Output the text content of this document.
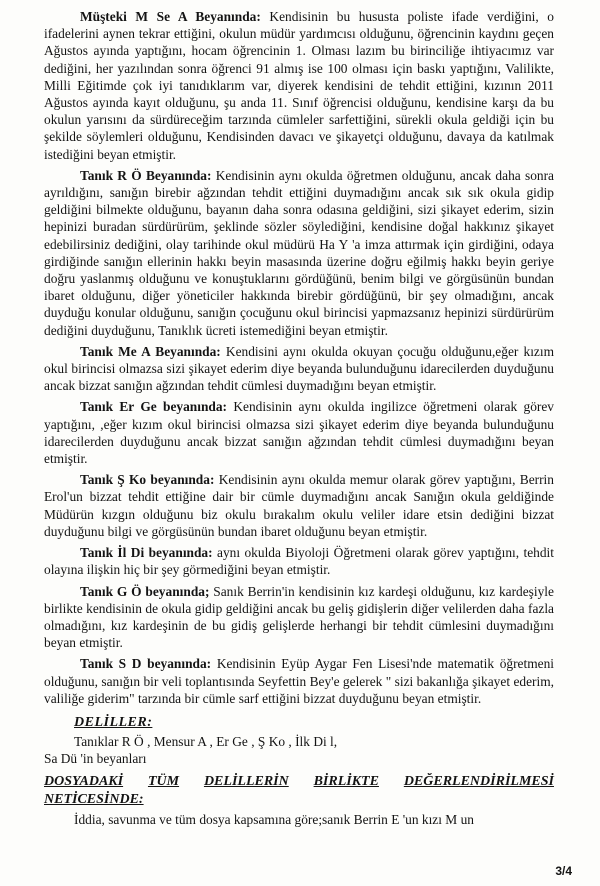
Müşteki M Se A Beyanında: Kendisinin bu hususta poliste ifade verdiğini, o ifadelerini aynen tekrar ettiğini, okulun müdür yardımcısı olduğunu, öğrencinin kaydını geçen Ağustos ayında yaptığını, hocam öğrencinin 1. Olması lazım bu birinciliğe ihtiyacımız var dediğini, her yazılından sonra öğrenci 91 almış ise 100 olması için baskı yaptığını, Valilikte, Milli Eğitimde çok iyi tanıdıklarım var, diyerek kendisini de tehdit ettiğini, kızının 2011 Ağustos ayında kayıt olduğunu, şu anda 11. Sınıf öğrencisi olduğunu, kendisine karşı da bu okulun yarısını da sürdüreceğim tarzında cümleler sarfettiğini, sürekli okula geldiği için bu şekilde söylemleri olduğunu, Kendisinden davacı ve şikayetçi olduğunu, davaya da katılmak istediğini beyan etmiştir.

Tanık R Ö Beyanında: Kendisinin aynı okulda öğretmen olduğunu, ancak daha sonra ayrıldığını, sanığın birebir ağzından tehdit ettiğini duymadığını ancak sık sık okula gidip geldiğini bilmekte olduğunu, bayanın daha sonra odasına geldiğini, sizi şikayet ederim, sizin hepinizi buradan sürdürürüm, şeklinde sözler söylediğini, kendisine doğal hakkınız şikayet edebilirsiniz dediğini, olay tarihinde okul müdürü Ha Y 'a imza attırmak için girdiğini, odaya girdiğinde sanığın ellerinin hakkı beyin masasında üzerine doğru eğilmiş hakkı beyin geriye doğru yaslanmış olduğunu ve konuştuklarını gördüğünü, benim bilgi ve görgüsünün bundan ibaret olduğunu, diğer yöneticiler hakkında birebir gördüğünü, bir şey olmadığını, ancak duyduğu konular olduğunu, sanığın çocuğunu okul birincisi yapmazsanız hepinizi sürdürürüm dediğini duyduğunu, Tanıklık ücreti istemediğini beyan etmiştir.

Tanık Me A Beyanında: Kendisini aynı okulda okuyan çocuğu olduğunu,eğer kızım okul birincisi olmazsa sizi şikayet ederim diye beyanda bulunduğunu idarecilerden duyduğunu ancak bizzat sanığın ağzından tehdit cümlesi duymadığını beyan etmiştir.

Tanık Er Ge beyanında: Kendisinin aynı okulda ingilizce öğretmeni olarak görev yaptığını, ,eğer kızım okul birincisi olmazsa sizi şikayet ederim diye beyanda bulunduğunu idarecilerden duyduğunu ancak bizzat sanığın ağzından tehdit cümlesi duymadığını beyan etmiştir.

Tanık Ş Ko beyanında: Kendisinin aynı okulda memur olarak görev yaptığını, Berrin Erol'un bizzat tehdit ettiğine dair bir cümle duymadığını ancak Sanığın okula geldiğinde Müdürün kızgın olduğunu biz okulu bırakalım okulu veliler idare etsin dediğini bizzat duyduğunu bilgi ve görgüsünün bundan ibaret olduğunu beyan etmiştir.

Tanık İl Di beyanında: aynı okulda Biyoloji Öğretmeni olarak görev yaptığını, tehdit olayına ilişkin hiç bir şey görmediğini beyan etmiştir.

Tanık G Ö beyanında; Sanık Berrin'in kendisinin kız kardeşi olduğunu, kız kardeşiyle birlikte kendisinin de okula gidip geldiğini ancak bu geliş gidişlerin diğer velilerden daha fazla olmadığını, kız kardeşinin de bu gidiş gelişlerde herhangi bir tehdit cümlesini duymadığını beyan etmiştir.

Tanık S D beyanında: Kendisinin Eyüp Aygar Fen Lisesi'nde matematik öğretmeni olduğunu, sanığın bir veli toplantısında Seyfettin Bey'e gelerek " sizi bakanlığa şikayet ederim, valiliğe giderim" tarzında bir cümle sarf ettiğini bizzat duyduğunu beyan etmiştir.

DELİLLER:
Tanıklar R Ö , Mensur A , Er Ge , Ş Ko , İlk Di l,
Sa Dü 'in beyanları
DOSYADAKİ TÜM DELİLLERİN BİRLİKTE DEĞERLENDİRİLMESİ
NETİCESİNDE:
İddia, savunma ve tüm dosya kapsamına göre;sanık Berrin E 'un kızı M un
3/4
